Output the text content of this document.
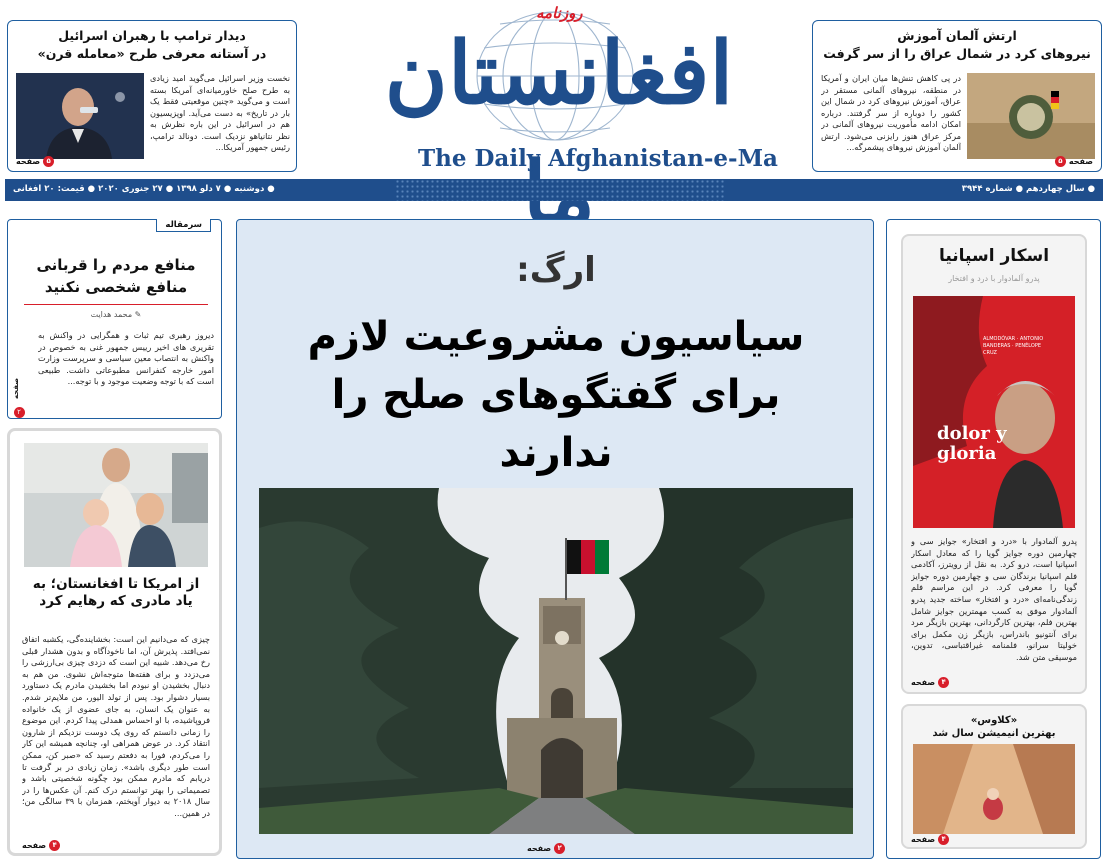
روزنامه
افغانستان
The Daily Afghanistan-e-Ma
دیدار ترامپ با رهبران اسرائیل
در آستانه معرفی طرح «معامله قرن»

نخست وزیر اسرائیل می‌گوید امید زیادی به طرح صلح خاورمیانه‌ای آمریکا بسته است و می‌گوید «چنین موقعیتی فقط یک بار در تاریخ» به دست می‌آید. اوپزیسیون هم در اسرائیل در این باره نظرش به نظر نتانیاهو نزدیک است. دونالد ترامپ، رئیس جمهور آمریکا...

۵
صفحه
ارتش آلمان آموزش
نیروهای کرد در شمال عراق را از سر گرفت

در پی کاهش تنش‌ها میان ایران و آمریکا در منطقه، نیروهای آلمانی مستقر در عراق، آموزش نیروهای کرد در شمال این کشور را دوباره از سر گرفتند. درباره امکان ادامه مأموریت نیروهای آلمانی در مرکز عراق هنوز رایزنی می‌شود. ارتش آلمان آموزش نیروهای پیشمرگه...

صفحه
۵
● دوشنبه ● ۷ دلو ۱۳۹۸ ● ۲۷ جنوری ۲۰۲۰ ● قیمت: ۲۰ افغانی	● سال چهاردهم ● شماره ۳۹۴۴
سرمقاله
منافع مردم را قربانی منافع شخصی نکنید
✎ محمد هدایت

دیروز رهبری تیم ثبات و همگرایی در واکنش به تقریری های اخیر رییس جمهور غنی به خصوص در واکنش به انتصاب معین سیاسی و سرپرست وزارت امور خارجه کنفرانس مطبوعاتی داشت. طبیعی است که با توجه وضعیت موجود و با توجه...

صفحه
۲
از امریکا تا افغانستان؛ به یاد مادری که رهایم کرد

چیزی که می‌دانیم این است: بخشاینده‌گی، یکشبه اتفاق نمی‌افتد. پذیرش آن، اما ناخودآگاه و بدون هشدار قبلی رخ می‌دهد. شبیه این است که دزدی چیزی بی‌ارزشی را می‌دزدد و برای هفته‌ها متوجه‌اش نشوی. من هم به دنبال بخشیدن او نبودم اما بخشیدن مادرم یک دستاورد بسیار دشوار بود. پس از تولد الیور، من ملایم‌تر شدم. به عنوان یک انسان، به جای عضوی از یک خانواده فروپاشیده، با او احساس همدلی پیدا کردم. این موضوع را زمانی دانستم که روی یک دوست نزدیکم از شارون انتقاد کرد. در عوض همراهی او، چنانچه همیشه این کار را می‌کردم، فورا به دفعتم رسید که «صبر کن، ممکن است طور دیگری باشد». زمان زیادی در بر گرفت تا دریابم که مادرم ممکن بود چگونه شخصیتی باشد و تصمیماتی را بهتر توانستم درک کنم. آن عکس‌ها را در سال ۲۰۱۸ به دیوار آویختم، همزمان با ۳۹ سالگی من؛ در همین...

۴
صفحه
ارگ:
سیاسیون مشروعیت لازم
برای گفتگوهای صلح را
ندارند
۲
صفحه
اسکار اسپانیا
پدرو آلمادوار با درد و افتخار
dolor y gloria
ALMODÓVAR · ANTONIO BANDERAS · PENÉLOPE CRUZ

پدرو آلمادوار با «درد و افتخار» جوایز سی و چهارمین دوره جوایز گویا را که معادل اسکار اسپانیا است، درو کرد. به نقل از رویترز، آکادمی فلم اسپانیا برندگان سی و چهارمین دوره جوایز گویا را معرفی کرد. در این مراسم فلم زندگی‌نامه‌ای «درد و افتخار» ساخته جدید پدرو آلمادوار موفق به کسب مهمترین جوایز شامل بهترین فلم، بهترین کارگردانی، بهترین بازیگر مرد برای آنتونیو باندراس، بازیگر زن مکمل برای خولیتا سرانو، فلمنامه غیراقتباسی، تدوین، موسیقی متن شد.

۴
صفحه
«کلاوس»
بهترین انیمیشن سال شد
۴
صفحه
